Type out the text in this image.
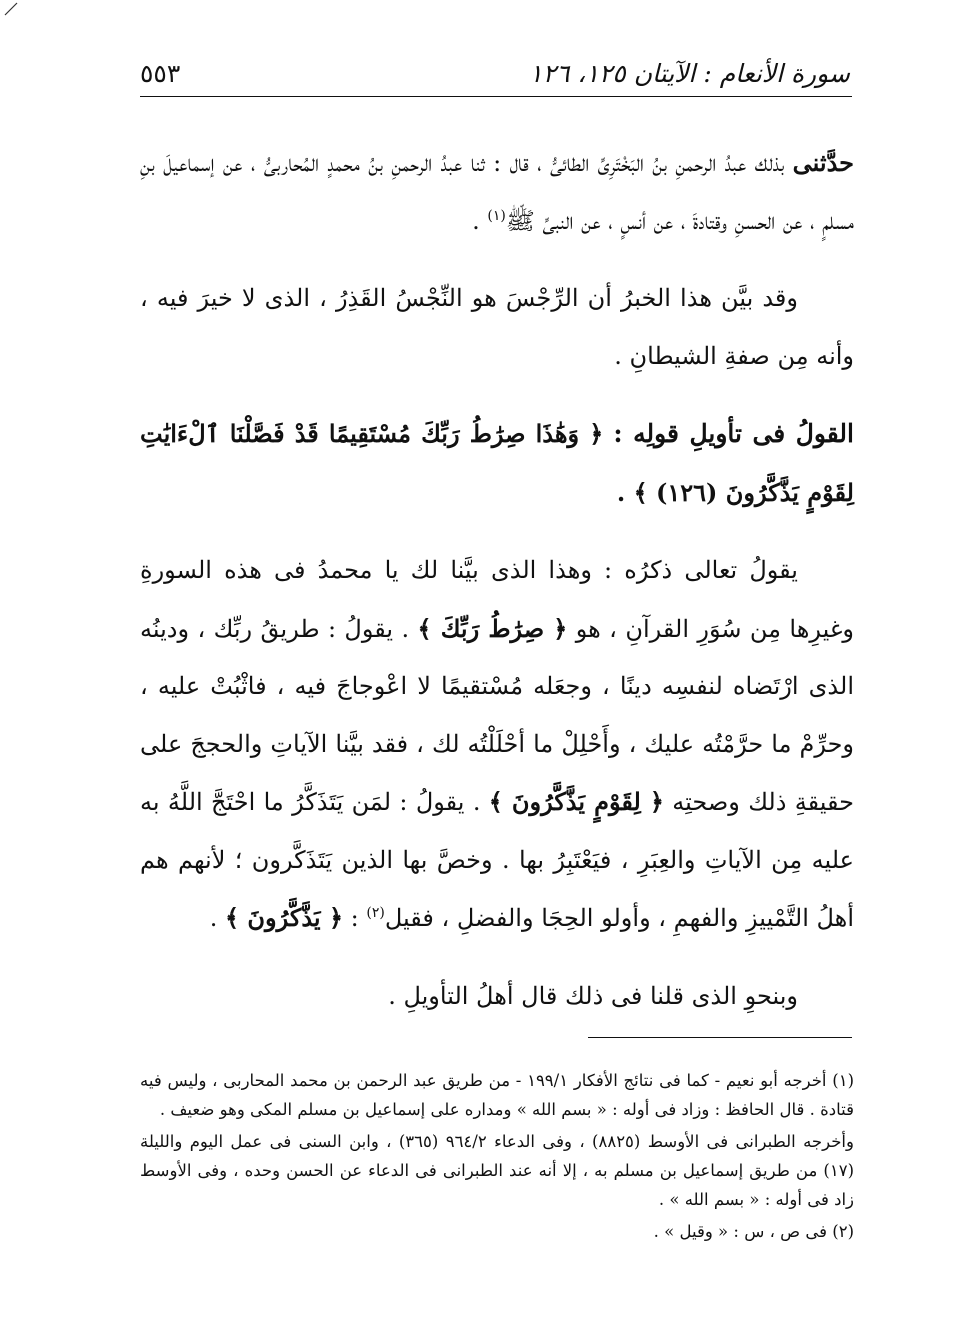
سورة الأنعام : الآيتان ١٢٥، ١٢٦
٥٥٣

حدَّثنى بذلك عبدُ الرحمنِ بنُ البَخْتَرِىِّ الطائىُّ ، قال : ثنا عبدُ الرحمنِ بنُ محمدٍ المُحاربىُّ ، عن إسماعيلَ بنِ مسلمٍ ، عن الحسنِ وقتادةَ ، عن أنسٍ ، عن النبىِّ ﷺ$^{(١)}$ .

وقد بيَّن هذا الخبرُ أن الرِّجْسَ هو النِّجْسُ القَذِرُ ، الذى لا خيرَ فيه ، وأنه مِن صفةِ الشيطانِ .

القولُ فى تأويلِ قولِه : ﴿ وَهَٰذَا صِرَٰطُ رَبِّكَ مُسْتَقِيمًا قَدْ فَصَّلْنَا ٱلْءَايَٰتِ لِقَوْمٍ يَذَّكَّرُونَ (١٢٦) ﴾ .

يقولُ تعالى ذكرُه : وهذا الذى بيَّنا لك يا محمدُ فى هذه السورةِ وغيرِها مِن سُوَرِ القرآنِ ، هو ﴿ صِرَٰطُ رَبِّكَ ﴾ . يقولُ : طريقُ ربِّك ، ودينُه الذى ارْتَضاه لنفسِه دينًا ، وجعَله مُسْتقيمًا لا اعْوجاجَ فيه ، فاثْبُتْ عليه ، وحرِّمْ ما حرَّمْتُه عليك ، وأَحْلِلْ ما أحْلَلْتُه لك ، فقد بيَّنا الآياتِ والحججَ على حقيقةِ ذلك وصحتِه ﴿ لِقَوْمٍ يَذَّكَّرُونَ ﴾ . يقولُ : لمَن يَتَذَكَّرُ ما احْتَجَّ اللَّهُ به عليه مِن الآياتِ والعِبَرِ ، فيَعْتَبِرُ بها . وخصَّ بها الذين يَتَذَكَّرون ؛ لأنهم هم أهلُ التَّمْييزِ والفهمِ ، وأولو الحِجَا والفضلِ ، فقيل$^{(٢)}$ : ﴿ يَذَّكَّرُونَ ﴾ .

وبنحوِ الذى قلنا فى ذلك قال أهلُ التأويلِ .

(١) أخرجه أبو نعيم - كما فى نتائج الأفكار ١٩٩/١ - من طريق عبد الرحمن بن محمد المحاربى ، وليس فيه قتادة . قال الحافظ : وزاد فى أوله : « بسم الله » ومداره على إسماعيل بن مسلم المكى وهو ضعيف .

وأخرجه الطبرانى فى الأوسط (٨٨٢٥) ، وفى الدعاء ٩٦٤/٢ (٣٦٥) ، وابن السنى فى عمل اليوم والليلة (١٧) من طريق إسماعيل بن مسلم به ، إلا أنه عند الطبرانى فى الدعاء عن الحسن وحده ، وفى الأوسط زاد فى أوله : « بسم الله » .

(٢) فى ص ، س : « وقيل » .
